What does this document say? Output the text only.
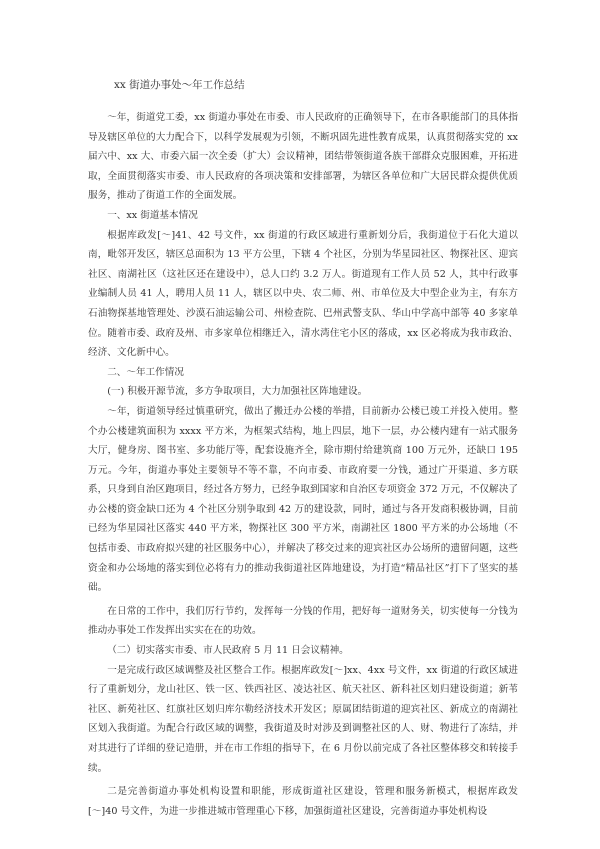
xx 街道办事处～年工作总结

～年，街道党工委，xx 街道办事处在市委、市人民政府的正确领导下，在市各职能部门的具体指导及辖区单位的大力配合下，以科学发展观为引领，不断巩固先进性教育成果，认真贯彻落实党的 xx 届六中、xx 大、市委六届一次全委（扩大）会议精神，团结带领街道各族干部群众克服困难，开拓进取，全面贯彻落实市委、市人民政府的各项决策和安排部署，为辖区各单位和广大居民群众提供优质服务，推动了街道工作的全面发展。

一、xx 街道基本情况

根据库政发[～]41、42 号文件，xx 街道的行政区域进行重新划分后，我街道位于石化大道以南，毗邻开发区，辖区总面积为 13 平方公里，下辖 4 个社区，分别为华星园社区、物探社区、迎宾社区、南湖社区（这社区还在建设中），总人口约 3.2 万人。街道现有工作人员 52 人，其中行政事业编制人员 41 人，聘用人员 11 人，辖区以中央、农二师、州、市单位及大中型企业为主，有东方石油物探基地管理处、沙漠石油运输公司、州检查院、巴州武警支队、华山中学高中部等 40 多家单位。随着市委、政府及州、市多家单位相继迁入，清水湾住宅小区的落成，xx 区必将成为我市政治、经济、文化新中心。

二、～年工作情况

(一) 积极开源节流，多方争取项目，大力加强社区阵地建设。

～年，街道领导经过慎重研究，做出了搬迁办公楼的举措，目前新办公楼已竣工并投入使用。整个办公楼建筑面积为 xxxx 平方米，为框架式结构，地上四层，地下一层，办公楼内建有一站式服务大厅，健身房、图书室、多功能厅等，配套设施齐全，除市期付给建筑商 100 万元外，还缺口 195 万元。今年，街道办事处主要领导不等不靠，不向市委、市政府要一分钱，通过广开渠道、多方联系，只身到自治区跑项目，经过各方努力，已经争取到国家和自治区专项资金 372 万元，不仅解决了办公楼的资金缺口还为 4 个社区分别争取到 42 万的建设款，同时，通过与各开发商积极协调，目前已经为华星园社区落实 440 平方米，物探社区 300 平方米，南湖社区 1800 平方米的办公场地（不包括市委、市政府拟兴建的社区服务中心），并解决了移交过来的迎宾社区办公场所的遗留问题，这些资金和办公场地的落实到位必将有力的推动我街道社区阵地建设，为打造“精品社区”打下了坚实的基础。

在日常的工作中，我们厉行节约，发挥每一分钱的作用，把好每一道财务关，切实使每一分钱为推动办事处工作发挥出实实在在的功效。

（二）切实落实市委、市人民政府 5 月 11 日会议精神。

一是完成行政区域调整及社区整合工作。根据库政发[～]xx、4xx 号文件，xx 街道的行政区域进行了重新划分，龙山社区、铁一区、铁西社区、凌达社区、航天社区、新科社区划归建设街道；新苇社区、新苑社区、红旗社区划归库尔勒经济技术开发区；原属团结街道的迎宾社区、新成立的南湖社区划入我街道。为配合行政区域的调整，我街道及时对涉及到调整社区的人、财、物进行了冻结，并对其进行了详细的登记造册，并在市工作组的指导下，在 6 月份以前完成了各社区整体移交和转接手续。

二是完善街道办事处机构设置和职能，形成街道社区建设，管理和服务新模式，根据库政发[～]40 号文件，为进一步推进城市管理重心下移，加强街道社区建设，完善街道办事处机构设
